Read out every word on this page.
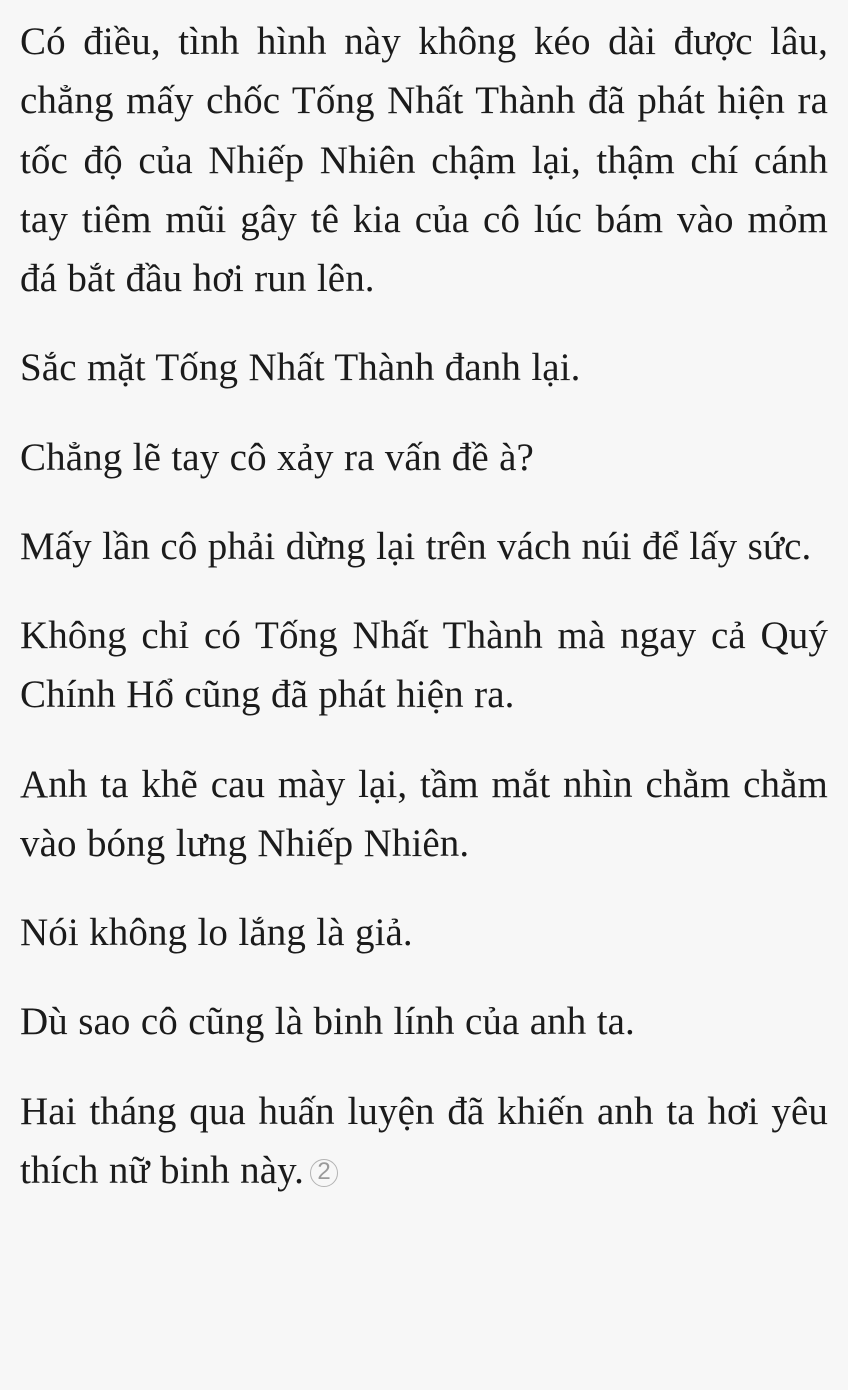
Có điều, tình hình này không kéo dài được lâu, chẳng mấy chốc Tống Nhất Thành đã phát hiện ra tốc độ của Nhiếp Nhiên chậm lại, thậm chí cánh tay tiêm mũi gây tê kia của cô lúc bám vào mỏm đá bắt đầu hơi run lên.

Sắc mặt Tống Nhất Thành đanh lại.

Chẳng lẽ tay cô xảy ra vấn đề à?

Mấy lần cô phải dừng lại trên vách núi để lấy sức.

Không chỉ có Tống Nhất Thành mà ngay cả Quý Chính Hổ cũng đã phát hiện ra.

Anh ta khẽ cau mày lại, tầm mắt nhìn chằm chằm vào bóng lưng Nhiếp Nhiên.

Nói không lo lắng là giả.

Dù sao cô cũng là binh lính của anh ta.

Hai tháng qua huấn luyện đã khiến anh ta hơi yêu thích nữ binh này. 2
